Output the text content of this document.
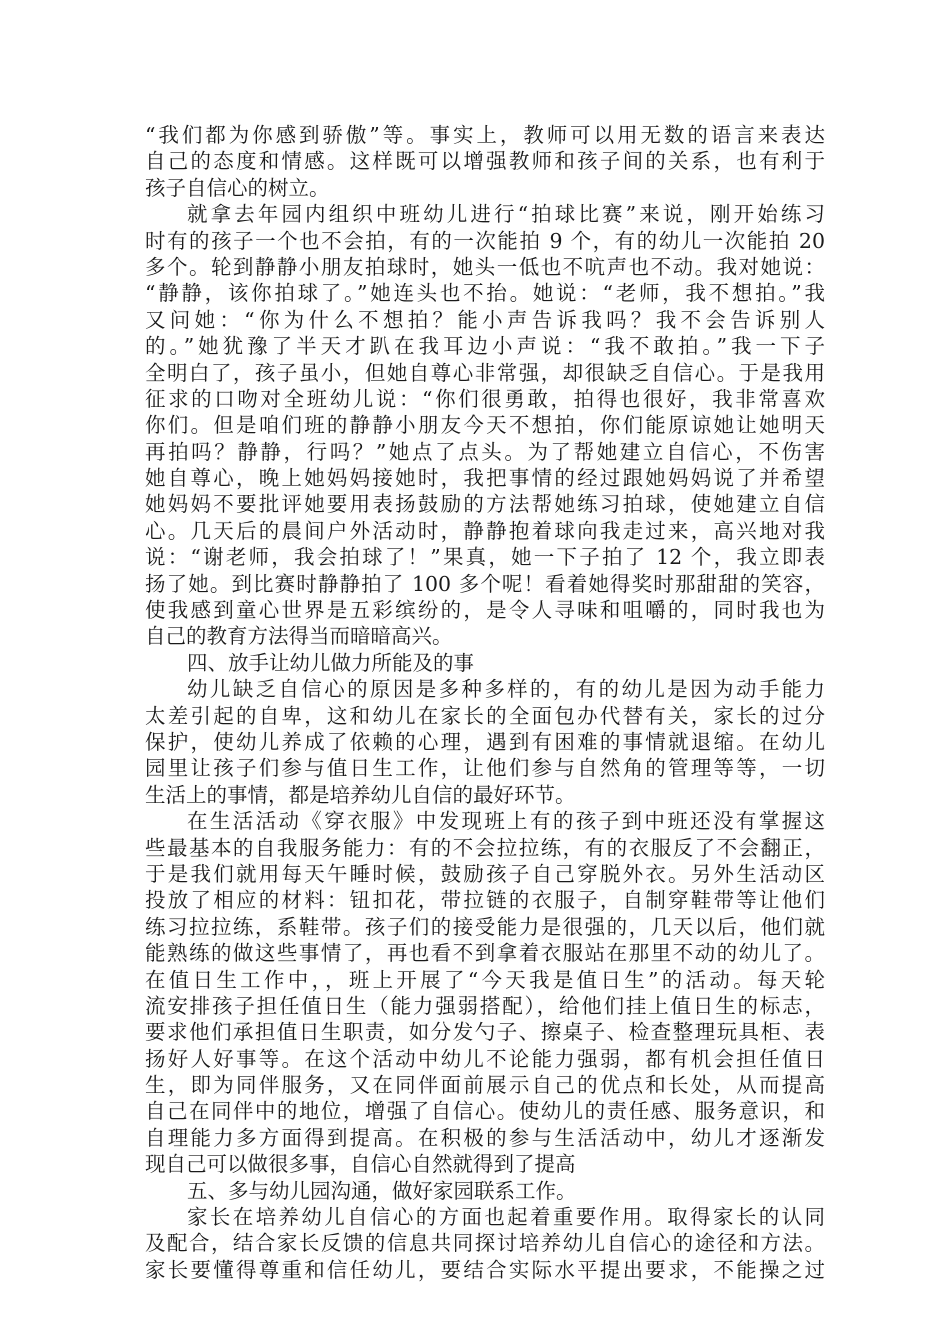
“我们都为你感到骄傲”等。事实上，教师可以用无数的语言来表达
自己的态度和情感。这样既可以增强教师和孩子间的关系，也有利于
孩子自信心的树立。
就拿去年园内组织中班幼儿进行“拍球比赛”来说，刚开始练习
时有的孩子一个也不会拍，有的一次能拍 9 个，有的幼儿一次能拍 20
多个。轮到静静小朋友拍球时，她头一低也不吭声也不动。我对她说：
“静静，该你拍球了。”她连头也不抬。她说：“老师，我不想拍。”我
又问她：“你为什么不想拍？能小声告诉我吗？我不会告诉别人
的。”她犹豫了半天才趴在我耳边小声说：“我不敢拍。”我一下子
全明白了，孩子虽小，但她自尊心非常强，却很缺乏自信心。于是我用
征求的口吻对全班幼儿说：“你们很勇敢，拍得也很好，我非常喜欢
你们。但是咱们班的静静小朋友今天不想拍，你们能原谅她让她明天
再拍吗？静静，行吗？”她点了点头。为了帮她建立自信心，不伤害
她自尊心，晚上她妈妈接她时，我把事情的经过跟她妈妈说了并希望
她妈妈不要批评她要用表扬鼓励的方法帮她练习拍球，使她建立自信
心。几天后的晨间户外活动时，静静抱着球向我走过来，高兴地对我
说：“谢老师，我会拍球了！”果真，她一下子拍了 12 个，我立即表
扬了她。到比赛时静静拍了 100 多个呢！看着她得奖时那甜甜的笑容，
使我感到童心世界是五彩缤纷的，是令人寻味和咀嚼的，同时我也为
自己的教育方法得当而暗暗高兴。
四、放手让幼儿做力所能及的事
幼儿缺乏自信心的原因是多种多样的，有的幼儿是因为动手能力
太差引起的自卑，这和幼儿在家长的全面包办代替有关，家长的过分
保护，使幼儿养成了依赖的心理，遇到有困难的事情就退缩。在幼儿
园里让孩子们参与值日生工作，让他们参与自然角的管理等等，一切
生活上的事情，都是培养幼儿自信的最好环节。
在生活活动《穿衣服》中发现班上有的孩子到中班还没有掌握这
些最基本的自我服务能力：有的不会拉拉练，有的衣服反了不会翻正，
于是我们就用每天午睡时候，鼓励孩子自己穿脱外衣。另外生活动区
投放了相应的材料：钮扣花，带拉链的衣服子，自制穿鞋带等让他们
练习拉拉练，系鞋带。孩子们的接受能力是很强的，几天以后，他们就
能熟练的做这些事情了，再也看不到拿着衣服站在那里不动的幼儿了。
在值日生工作中，，班上开展了“今天我是值日生”的活动。每天轮
流安排孩子担任值日生（能力强弱搭配），给他们挂上值日生的标志，
要求他们承担值日生职责，如分发勺子、擦桌子、检查整理玩具柜、表
扬好人好事等。在这个活动中幼儿不论能力强弱，都有机会担任值日
生，即为同伴服务，又在同伴面前展示自己的优点和长处，从而提高
自己在同伴中的地位，增强了自信心。使幼儿的责任感、服务意识，和
自理能力多方面得到提高。在积极的参与生活活动中，幼儿才逐渐发
现自己可以做很多事，自信心自然就得到了提高
五、多与幼儿园沟通，做好家园联系工作。
家长在培养幼儿自信心的方面也起着重要作用。取得家长的认同
及配合，结合家长反馈的信息共同探讨培养幼儿自信心的途径和方法。
家长要懂得尊重和信任幼儿，要结合实际水平提出要求，不能操之过
